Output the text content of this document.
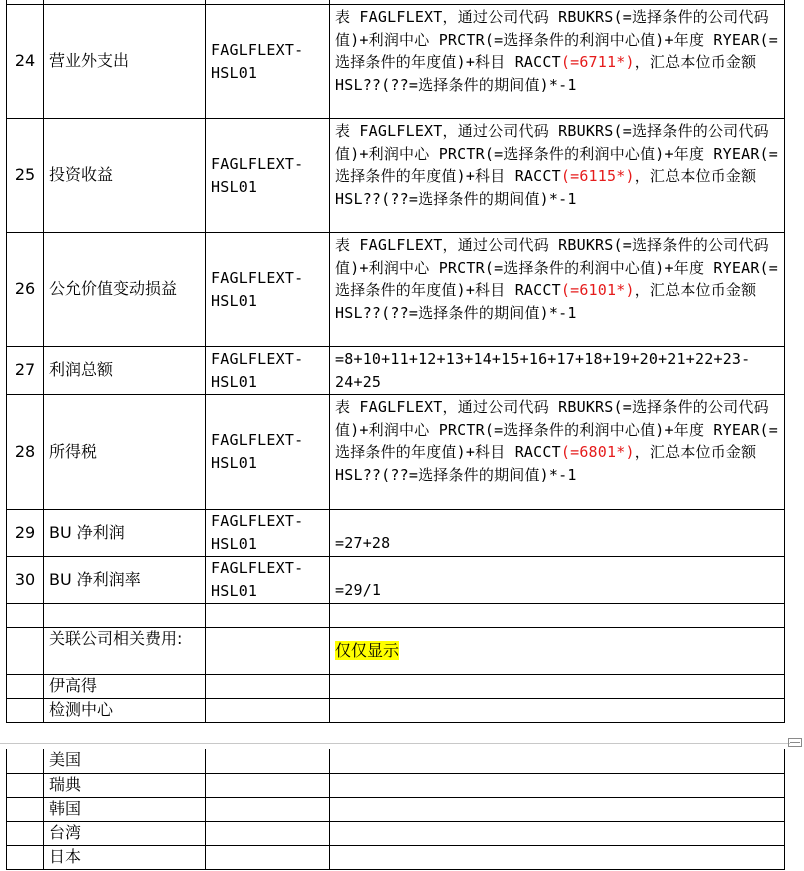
24	营业外支出	FAGLFLEXT-HSL01	表 FAGLFLEXT，通过公司代码 RBUKRS(=选择条件的公司代码值)+利润中心 PRCTR(=选择条件的利润中心值)+年度 RYEAR(=选择条件的年度值)+科目 RACCT(=6711*)，汇总本位币金额 HSL??(??=选择条件的期间值)*-1
25	投资收益	FAGLFLEXT-HSL01	表 FAGLFLEXT，通过公司代码 RBUKRS(=选择条件的公司代码值)+利润中心 PRCTR(=选择条件的利润中心值)+年度 RYEAR(=选择条件的年度值)+科目 RACCT(=6115*)，汇总本位币金额 HSL??(??=选择条件的期间值)*-1
26	公允价值变动损益	FAGLFLEXT-HSL01	表 FAGLFLEXT，通过公司代码 RBUKRS(=选择条件的公司代码值)+利润中心 PRCTR(=选择条件的利润中心值)+年度 RYEAR(=选择条件的年度值)+科目 RACCT(=6101*)，汇总本位币金额 HSL??(??=选择条件的期间值)*-1
27	利润总额	FAGLFLEXT-HSL01	=8+10+11+12+13+14+15+16+17+18+19+20+21+22+23-24+25
28	所得税	FAGLFLEXT-HSL01	表 FAGLFLEXT，通过公司代码 RBUKRS(=选择条件的公司代码值)+利润中心 PRCTR(=选择条件的利润中心值)+年度 RYEAR(=选择条件的年度值)+科目 RACCT(=6801*)，汇总本位币金额 HSL??(??=选择条件的期间值)*-1
29	BU 净利润	FAGLFLEXT-HSL01	=27+28
30	BU 净利润率	FAGLFLEXT-HSL01	=29/1

	关联公司相关费用:		仅仅显示
	伊高得		
	检测中心		
	美国		
	瑞典		
	韩国		
	台湾		
	日本		
